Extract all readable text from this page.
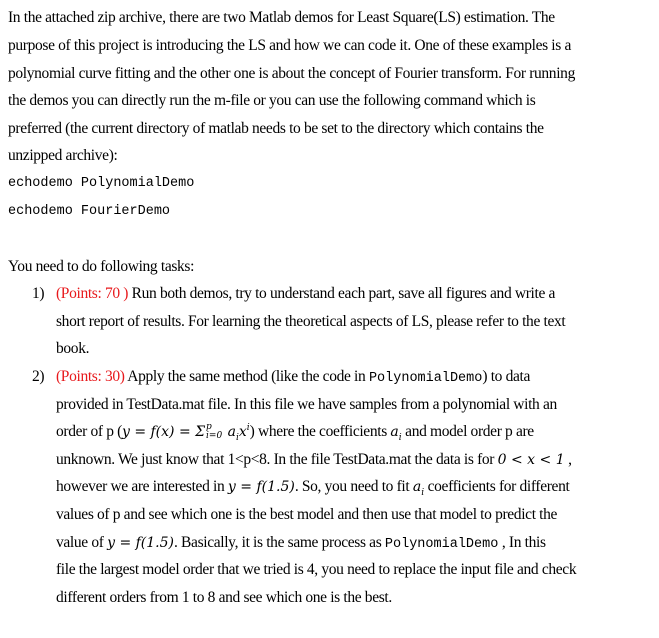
In the attached zip archive, there are two Matlab demos for Least Square(LS) estimation. The
purpose of this project is introducing the LS and how we can code it. One of these examples is a
polynomial curve fitting and the other one is about the concept of Fourier transform. For running
the demos you can directly run the m-file or you can use the following command which is
preferred (the current directory of matlab needs to be set to the directory which contains the
unzipped archive):
echodemo PolynomialDemo
echodemo FourierDemo
You need to do following tasks:
1) (Points: 70 ) Run both demos, try to understand each part, save all figures and write a
short report of results. For learning the theoretical aspects of LS, please refer to the text
book.
2) (Points: 30) Apply the same method (like the code in PolynomialDemo) to data
provided in TestData.mat file. In this file we have samples from a polynomial with an
order of p (y = f(x) = Σ p
i=0 aixi) where the coefficients ai and model order p are
unknown. We just know that 1<p<8. In the file TestData.mat the data is for 0 < x < 1 ,
however we are interested in y = f(1.5). So, you need to fit ai coefficients for different
values of p and see which one is the best model and then use that model to predict the
value of y = f(1.5). Basically, it is the same process as PolynomialDemo , In this
file the largest model order that we tried is 4, you need to replace the input file and check
different orders from 1 to 8 and see which one is the best.
